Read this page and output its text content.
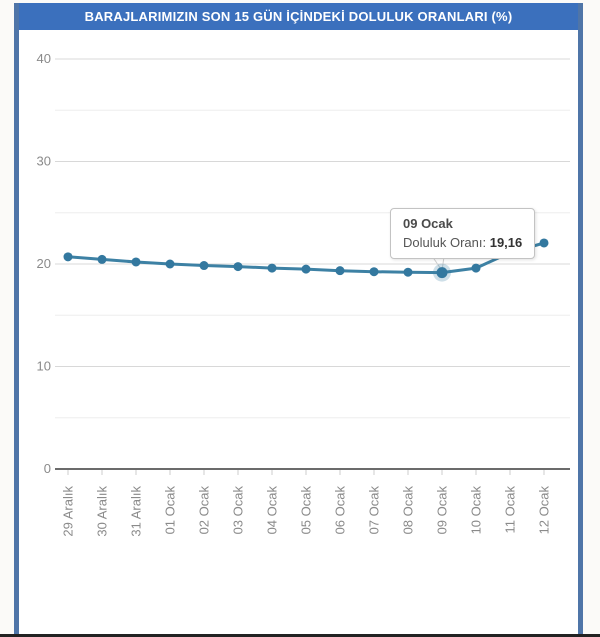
BARAJLARIMIZIN SON 15 GÜN İÇİNDEKİ DOLULUK ORANLARI (%)
0
10
20
30
40
29 Aralık 30 Aralık 31 Aralık 01 Ocak 02 Ocak 03 Ocak 04 Ocak 05 Ocak 06 Ocak 07 Ocak 08 Ocak 09 Ocak 10 Ocak 11 Ocak 12 Ocak
09 Ocak
Doluluk Oranı: 19,16
